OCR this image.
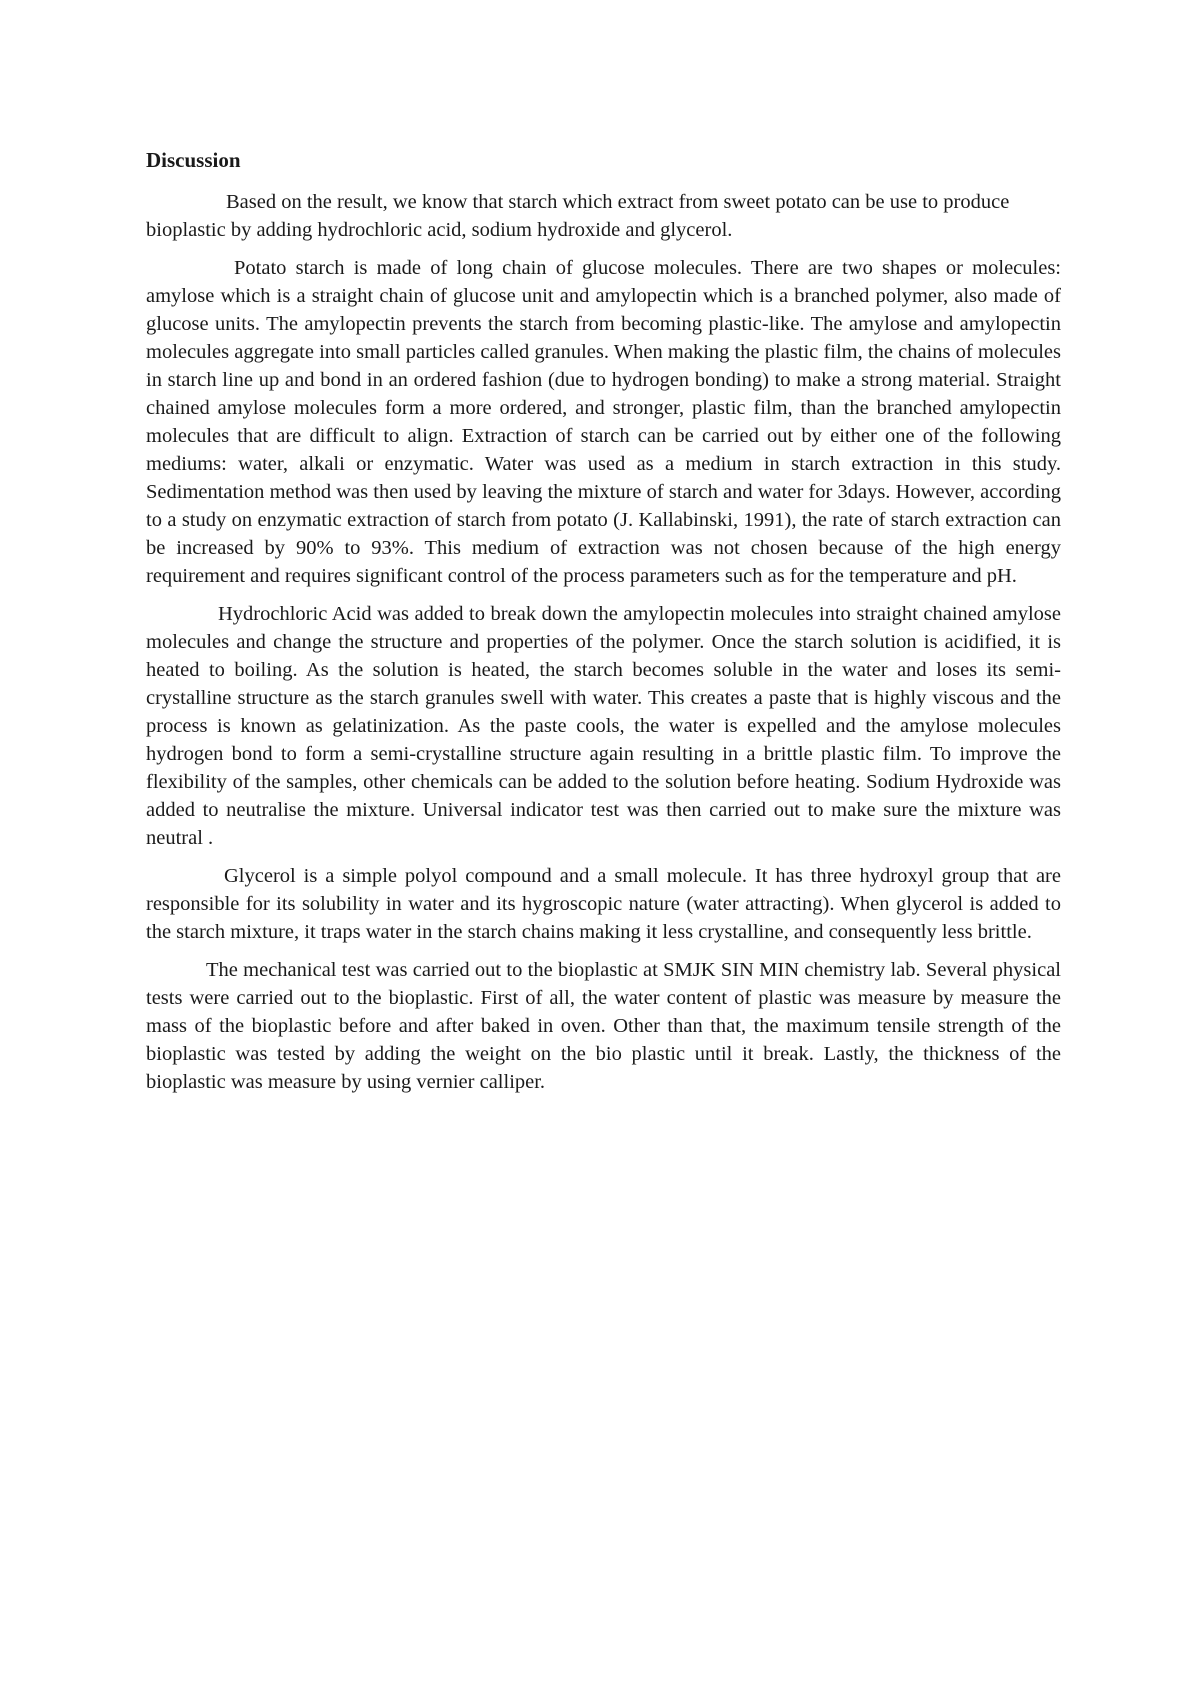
Discussion

Based on the result, we know that starch which extract from sweet potato can be use to produce bioplastic by adding hydrochloric acid, sodium hydroxide and glycerol.

Potato starch is made of long chain of glucose molecules. There are two shapes or molecules: amylose which is a straight chain of glucose unit and amylopectin which is a branched polymer, also made of glucose units. The amylopectin prevents the starch from becoming plastic-like. The amylose and amylopectin molecules aggregate into small particles called granules. When making the plastic film, the chains of molecules in starch line up and bond in an ordered fashion (due to hydrogen bonding) to make a strong material. Straight chained amylose molecules form a more ordered, and stronger, plastic film, than the branched amylopectin molecules that are difficult to align. Extraction of starch can be carried out by either one of the following mediums: water, alkali or enzymatic. Water was used as a medium in starch extraction in this study. Sedimentation method was then used by leaving the mixture of starch and water for 3days. However, according to a study on enzymatic extraction of starch from potato (J. Kallabinski, 1991), the rate of starch extraction can be increased by 90% to 93%. This medium of extraction was not chosen because of the high energy requirement and requires significant control of the process parameters such as for the temperature and pH.

Hydrochloric Acid was added to break down the amylopectin molecules into straight chained amylose molecules and change the structure and properties of the polymer. Once the starch solution is acidified, it is heated to boiling. As the solution is heated, the starch becomes soluble in the water and loses its semi-crystalline structure as the starch granules swell with water. This creates a paste that is highly viscous and the process is known as gelatinization. As the paste cools, the water is expelled and the amylose molecules hydrogen bond to form a semi-crystalline structure again resulting in a brittle plastic film. To improve the flexibility of the samples, other chemicals can be added to the solution before heating. Sodium Hydroxide was added to neutralise the mixture. Universal indicator test was then carried out to make sure the mixture was neutral .

Glycerol is a simple polyol compound and a small molecule. It has three hydroxyl group that are responsible for its solubility in water and its hygroscopic nature (water attracting). When glycerol is added to the starch mixture, it traps water in the starch chains making it less crystalline, and consequently less brittle.

The mechanical test was carried out to the bioplastic at SMJK SIN MIN chemistry lab. Several physical tests were carried out to the bioplastic. First of all, the water content of plastic was measure by measure the mass of the bioplastic before and after baked in oven. Other than that, the maximum tensile strength of the bioplastic was tested by adding the weight on the bio plastic until it break. Lastly, the thickness of the bioplastic was measure by using vernier calliper.
